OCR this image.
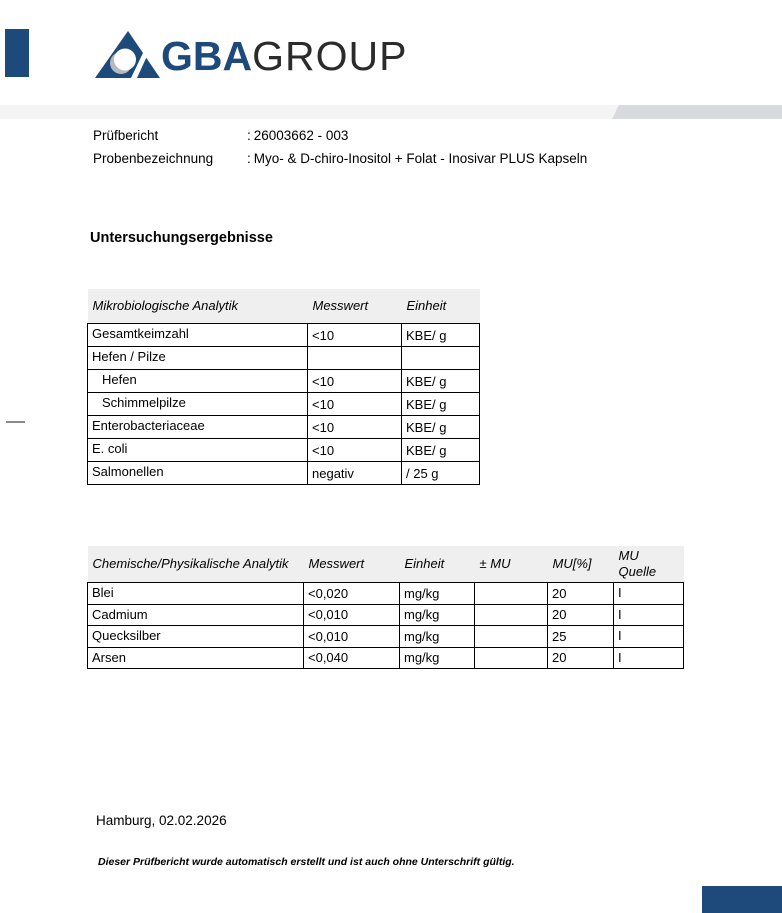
GBAGROUP
Prüfbericht	: 26003662 - 003
Probenbezeichnung	: Myo- & D-chiro-Inositol + Folat - Inosivar PLUS Kapseln
Untersuchungsergebnisse
Mikrobiologische Analytik	Messwert	Einheit
Gesamtkeimzahl	<10	KBE/ g
Hefen / Pilze		
Hefen	<10	KBE/ g
Schimmelpilze	<10	KBE/ g
Enterobacteriaceae	<10	KBE/ g
E. coli	<10	KBE/ g
Salmonellen	negativ	/ 25 g
Chemische/Physikalische Analytik	Messwert	Einheit	± MU	MU[%]	MU Quelle
Blei	<0,020	mg/kg		20	I
Cadmium	<0,010	mg/kg		20	I
Quecksilber	<0,010	mg/kg		25	I
Arsen	<0,040	mg/kg		20	I
Hamburg, 02.02.2026
Dieser Prüfbericht wurde automatisch erstellt und ist auch ohne Unterschrift gültig.
